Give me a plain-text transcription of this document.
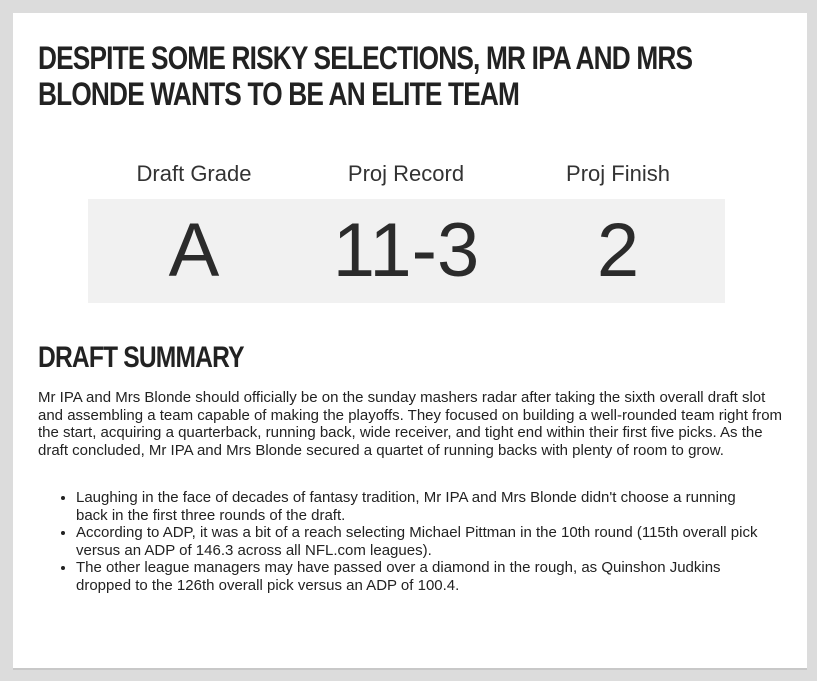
DESPITE SOME RISKY SELECTIONS, MR IPA AND MRS BLONDE WANTS TO BE AN ELITE TEAM
Draft Grade	Proj Record	Proj Finish
A	11-3	2
DRAFT SUMMARY

Mr IPA and Mrs Blonde should officially be on the sunday mashers radar after taking the sixth overall draft slot and assembling a team capable of making the playoffs. They focused on building a well-rounded team right from the start, acquiring a quarterback, running back, wide receiver, and tight end within their first five picks. As the draft concluded, Mr IPA and Mrs Blonde secured a quartet of running backs with plenty of room to grow.

• Laughing in the face of decades of fantasy tradition, Mr IPA and Mrs Blonde didn't choose a running back in the first three rounds of the draft.
• According to ADP, it was a bit of a reach selecting Michael Pittman in the 10th round (115th overall pick versus an ADP of 146.3 across all NFL.com leagues).
• The other league managers may have passed over a diamond in the rough, as Quinshon Judkins dropped to the 126th overall pick versus an ADP of 100.4.
